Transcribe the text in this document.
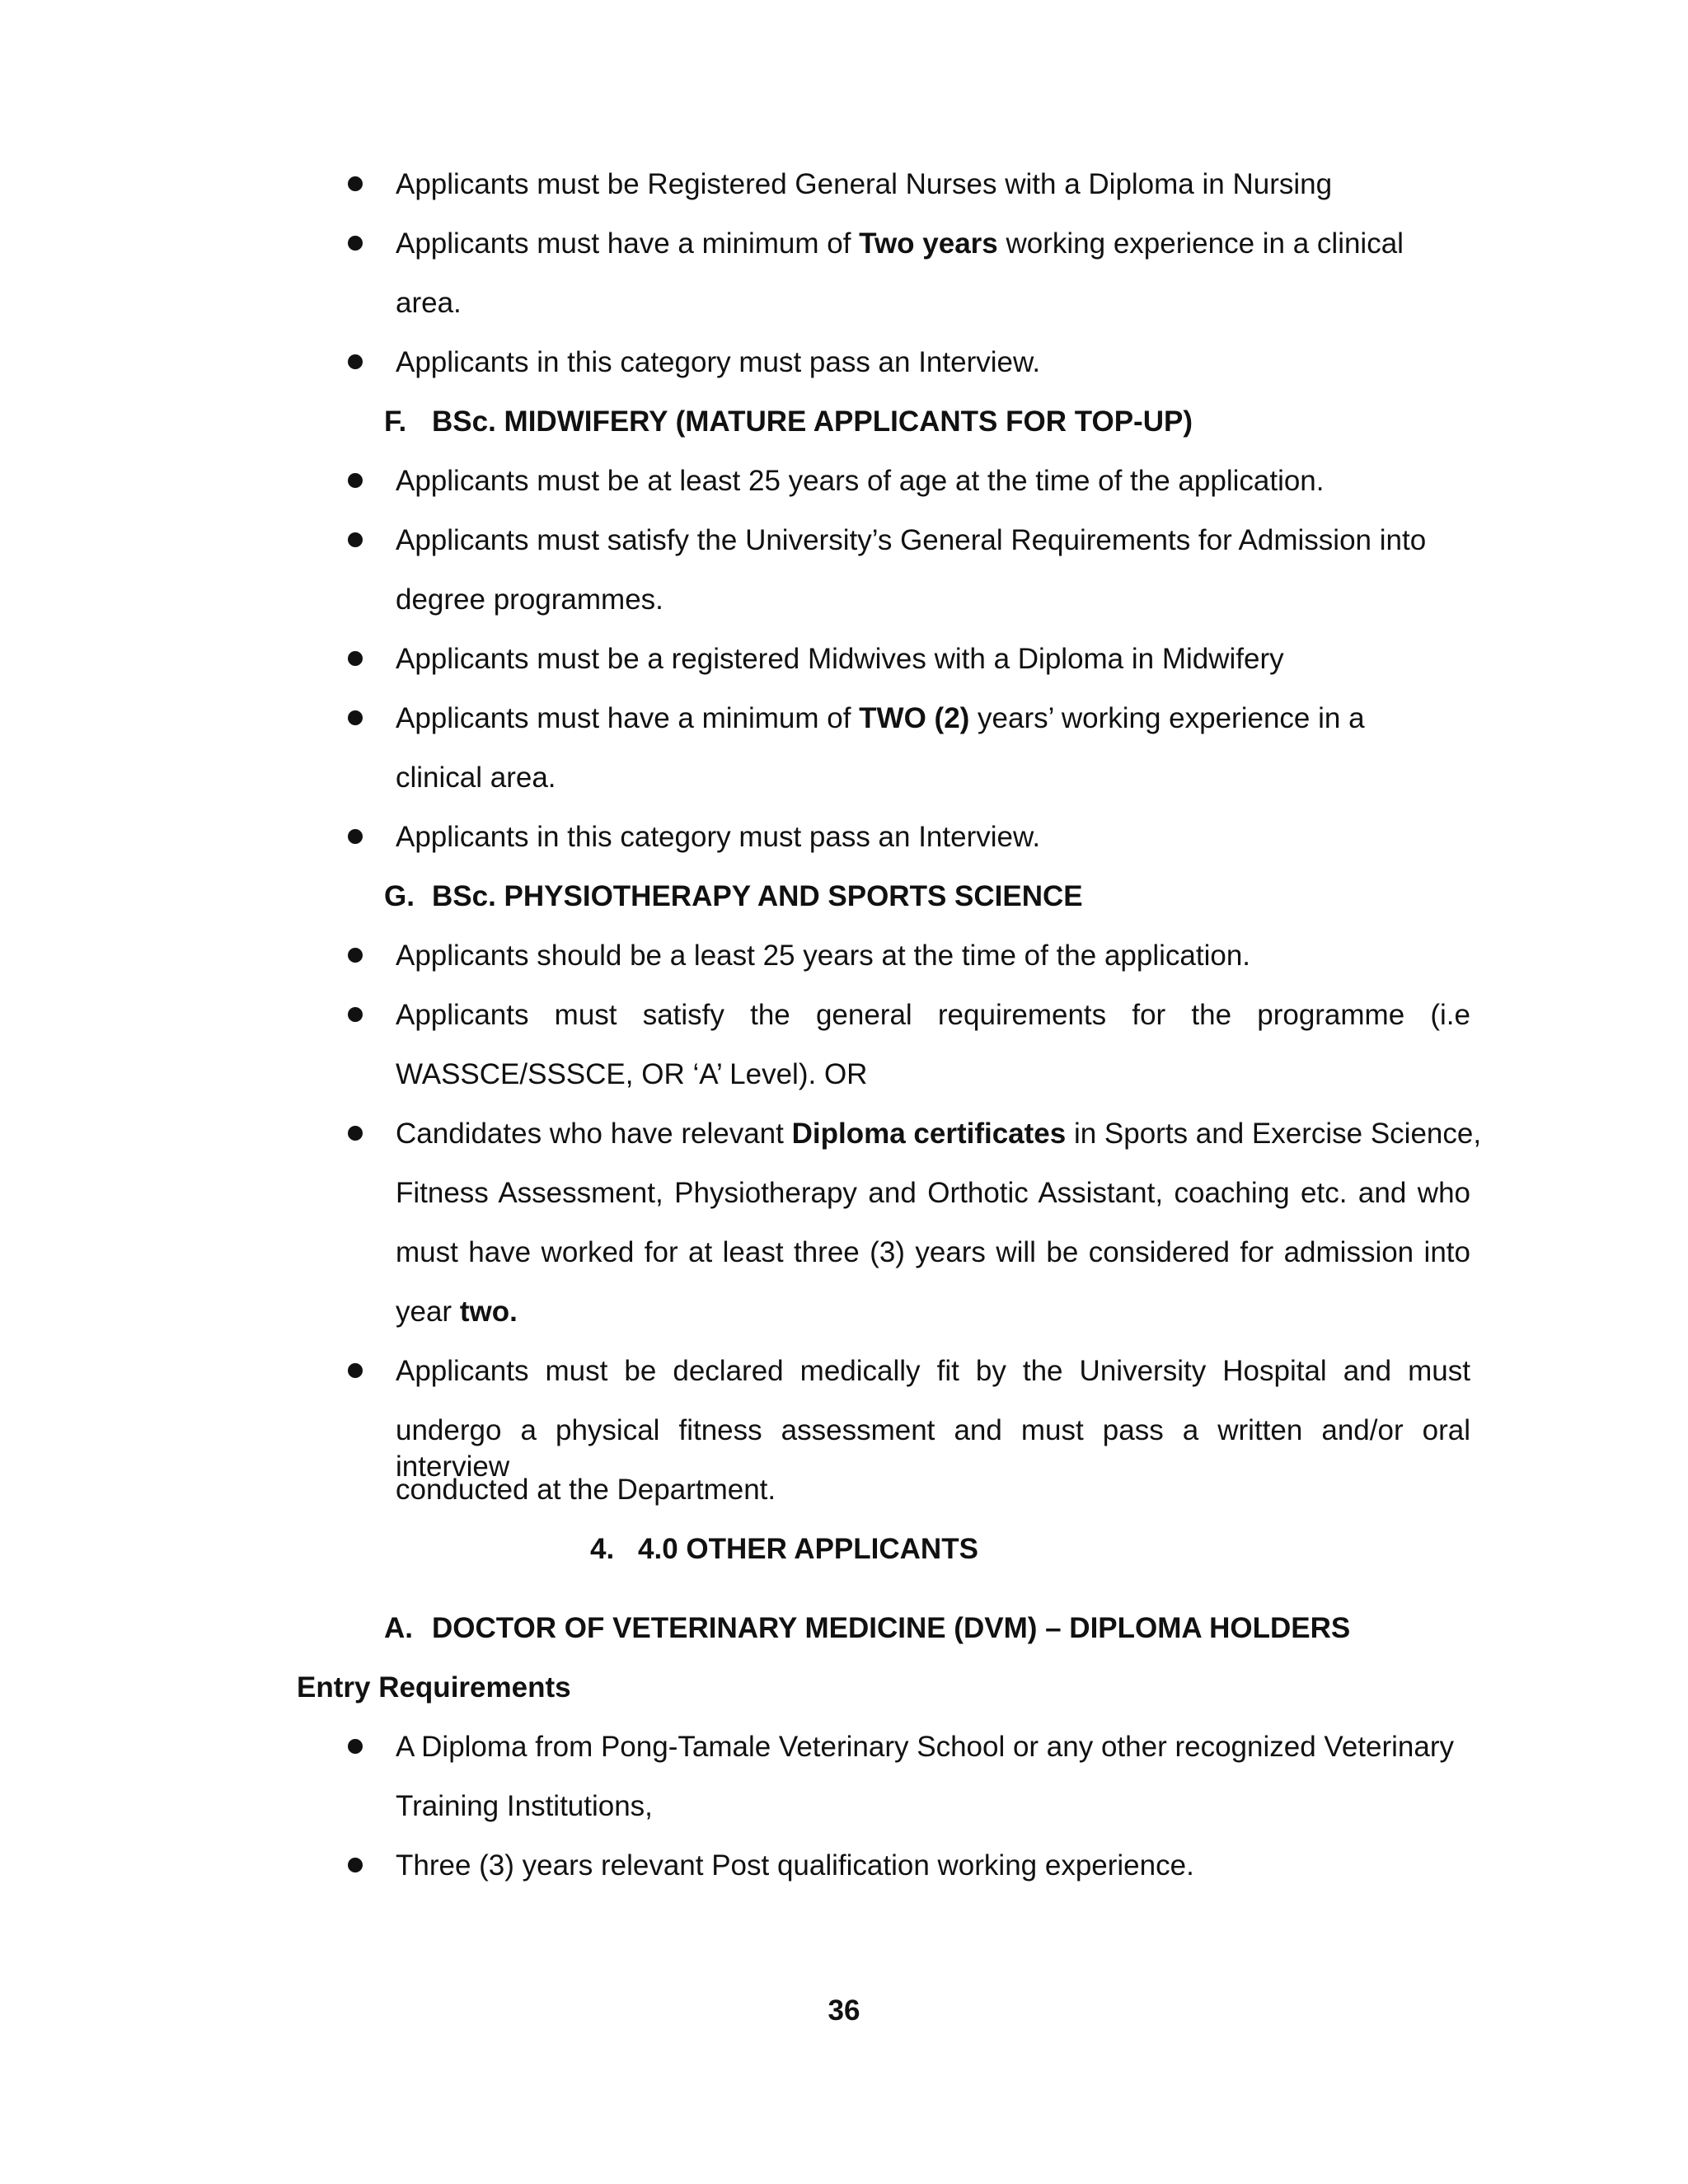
Applicants must be Registered General Nurses with a Diploma in Nursing
Applicants must have a minimum of Two years working experience in a clinical
area.
Applicants in this category must pass an Interview.
F. BSc. MIDWIFERY (MATURE APPLICANTS FOR TOP-UP)
Applicants must be at least 25 years of age at the time of the application.
Applicants must satisfy the University’s General Requirements for Admission into
degree programmes.
Applicants must be a registered Midwives with a Diploma in Midwifery
Applicants must have a minimum of TWO (2) years’ working experience in a
clinical area.
Applicants in this category must pass an Interview.
G. BSc. PHYSIOTHERAPY AND SPORTS SCIENCE
Applicants should be a least 25 years at the time of the application.
Applicants must satisfy the general requirements for the programme (i.e
WASSCE/SSSCE, OR ‘A’ Level). OR
Candidates who have relevant Diploma certificates in Sports and Exercise Science,
Fitness Assessment, Physiotherapy and Orthotic Assistant, coaching etc. and who
must have worked for at least three (3) years will be considered for admission into
year two.
Applicants must be declared medically fit by the University Hospital and must
undergo a physical fitness assessment and must pass a written and/or oral interview
conducted at the Department.
4. 4.0 OTHER APPLICANTS
A. DOCTOR OF VETERINARY MEDICINE (DVM) – DIPLOMA HOLDERS
Entry Requirements
A Diploma from Pong-Tamale Veterinary School or any other recognized Veterinary
Training Institutions,
Three (3) years relevant Post qualification working experience.
36
